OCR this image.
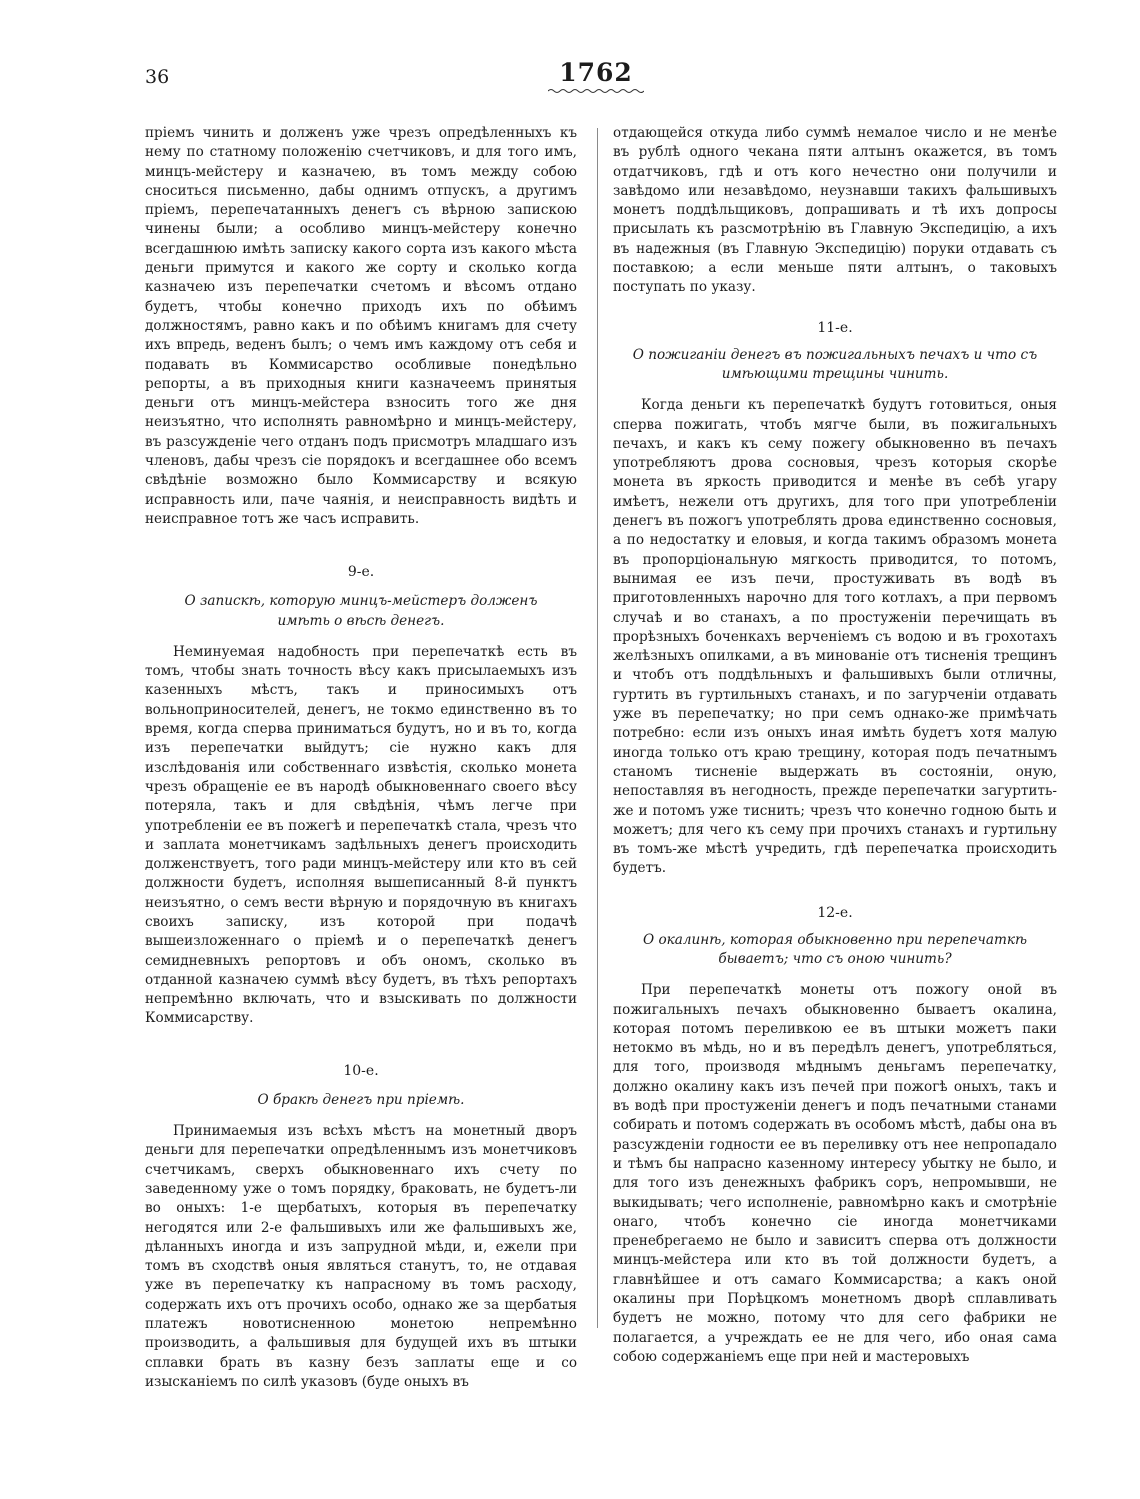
36	1762

пріемъ чинить и долженъ уже чрезъ опредѣленныхъ къ нему по статному положенію счетчиковъ, и для того имъ, минцъ-мейстеру и казначею, въ томъ между собою сноситься письменно, дабы однимъ отпускъ, а другимъ пріемъ, перепечатанныхъ денегъ съ вѣрною запискою чинены были; а особливо минцъ-мейстеру конечно всегдашнюю имѣть записку какого сорта изъ какого мѣста деньги примутся и какого же сорту и сколько когда казначею изъ перепечатки счетомъ и вѣсомъ отдано будетъ, чтобы конечно приходъ ихъ по обѣимъ должностямъ, равно какъ и по обѣимъ книгамъ для счету ихъ впредь, веденъ былъ; о чемъ имъ каждому отъ себя и подавать въ Коммисарство особливые понедѣльно репорты, а въ приходныя книги казначеемъ принятыя деньги отъ минцъ-мейстера взносить того же дня неизъятно, что исполнять равномѣрно и минцъ-мейстеру, въ разсужденіе чего отданъ подъ присмотръ младшаго изъ членовъ, дабы чрезъ сіе порядокъ и всегдашнее обо всемъ свѣдѣніе возможно было Коммисарству и всякую исправность или, паче чаянія, и неисправность видѣть и неисправное тотъ же часъ исправить.

9-е.

О запискѣ, которую минцъ-мейстеръ долженъ имѣть о вѣсѣ денегъ.

Неминуемая надобность при перепечаткѣ есть въ томъ, чтобы знать точность вѣсу какъ присылаемыхъ изъ казенныхъ мѣстъ, такъ и приносимыхъ отъ вольноприносителей, денегъ, не токмо единственно въ то время, когда сперва приниматься будутъ, но и въ то, когда изъ перепечатки выйдутъ; сіе нужно какъ для изслѣдованія или собственнаго извѣстія, сколько монета чрезъ обращеніе ее въ народѣ обыкновеннаго своего вѣсу потеряла, такъ и для свѣдѣнія, чѣмъ легче при употребленіи ее въ пожегѣ и перепечаткѣ стала, чрезъ что и заплата монетчикамъ задѣльныхъ денегъ происходить долженствуетъ, того ради минцъ-мейстеру или кто въ сей должности будетъ, исполняя вышеписанный 8-й пунктъ неизъятно, о семъ вести вѣрную и порядочную въ книгахъ своихъ записку, изъ которой при подачѣ вышеизложеннаго о пріемѣ и о перепечаткѣ денегъ семидневныхъ репортовъ и объ ономъ, сколько въ отданной казначею суммѣ вѣсу будетъ, въ тѣхъ репортахъ непремѣнно включать, что и взыскивать по должности Коммисарству.

10-е.

О бракѣ денегъ при пріемѣ.

Принимаемыя изъ всѣхъ мѣстъ на монетный дворъ деньги для перепечатки опредѣленнымъ изъ монетчиковъ счетчикамъ, сверхъ обыкновеннаго ихъ счету по заведенному уже о томъ порядку, браковать, не будетъ-ли во оныхъ: 1-е щербатыхъ, которыя въ перепечатку негодятся или 2-е фальшивыхъ или же фальшивыхъ же, дѣланныхъ иногда и изъ запрудной мѣди, и, ежели при томъ въ сходствѣ оныя являться станутъ, то, не отдавая уже въ перепечатку къ напрасному въ томъ расходу, содержать ихъ отъ прочихъ особо, однако же за щербатыя платежъ новотисненною монетою непремѣнно производить, а фальшивыя для будущей ихъ въ штыки сплавки брать въ казну безъ заплаты еще и со изысканіемъ по силѣ указовъ (буде оныхъ въ

отдающейся откуда либо суммѣ немалое число и не менѣе въ рублѣ одного чекана пяти алтынъ окажется, въ томъ отдатчиковъ, гдѣ и отъ кого нечестно они получили и завѣдомо или незавѣдомо, неузнавши такихъ фальшивыхъ монетъ поддѣльщиковъ, допрашивать и тѣ ихъ допросы присылать къ разсмотрѣнію въ Главную Экспедицію, а ихъ въ надежныя (въ Главную Экспедицію) поруки отдавать съ поставкою; а если меньше пяти алтынъ, о таковыхъ поступать по указу.

11-е.

О пожиганіи денегъ въ пожигальныхъ печахъ и что съ имѣющими трещины чинить.

Когда деньги къ перепечаткѣ будутъ готовиться, оныя сперва пожигать, чтобъ мягче были, въ пожигальныхъ печахъ, и какъ къ сему пожегу обыкновенно въ печахъ употребляютъ дрова сосновыя, чрезъ которыя скорѣе монета въ яркость приводится и менѣе въ себѣ угару имѣетъ, нежели отъ другихъ, для того при употребленіи денегъ въ пожогъ употреблять дрова единственно сосновыя, а по недостатку и еловыя, и когда такимъ образомъ монета въ пропорціональную мягкость приводится, то потомъ, вынимая ее изъ печи, простуживать въ водѣ въ приготовленныхъ нарочно для того котлахъ, а при первомъ случаѣ и во станахъ, а по простуженіи перечищать въ прорѣзныхъ боченкахъ верченіемъ съ водою и въ грохотахъ желѣзныхъ опилками, а въ минованіе отъ тисненія трещинъ и чтобъ отъ поддѣльныхъ и фальшивыхъ были отличны, гуртить въ гуртильныхъ станахъ, и по загурченіи отдавать уже въ перепечатку; но при семъ однако-же примѣчать потребно: если изъ оныхъ иная имѣть будетъ хотя малую иногда только отъ краю трещину, которая подъ печатнымъ станомъ тисненіе выдержать въ состояніи, оную, непоставляя въ негодность, прежде перепечатки загуртить-же и потомъ уже тиснить; чрезъ что конечно годною быть и можетъ; для чего къ сему при прочихъ станахъ и гуртильну въ томъ-же мѣстѣ учредить, гдѣ перепечатка происходить будетъ.

12-е.

О окалинѣ, которая обыкновенно при перепечаткѣ бываетъ; что съ оною чинить?

При перепечаткѣ монеты отъ пожогу оной въ пожигальныхъ печахъ обыкновенно бываетъ окалина, которая потомъ переливкою ее въ штыки можетъ паки нетокмо въ мѣдь, но и въ передѣлъ денегъ, употребляться, для того, производя мѣднымъ деньгамъ перепечатку, должно окалину какъ изъ печей при пожогѣ оныхъ, такъ и въ водѣ при простуженіи денегъ и подъ печатными станами собирать и потомъ содержать въ особомъ мѣстѣ, дабы она въ разсужденіи годности ее въ переливку отъ нее непропадало и тѣмъ бы напрасно казенному интересу убытку не было, и для того изъ денежныхъ фабрикъ соръ, непромывши, не выкидывать; чего исполненіе, равномѣрно какъ и смотрѣніе онаго, чтобъ конечно сіе иногда монетчиками пренебрегаемо не было и зависитъ сперва отъ должности минцъ-мейстера или кто въ той должности будетъ, а главнѣйшее и отъ самаго Коммисарства; а какъ оной окалины при Порѣцкомъ монетномъ дворѣ сплавливать будетъ не можно, потому что для сего фабрики не полагается, а учреждать ее не для чего, ибо оная сама собою содержаніемъ еще при ней и мастеровыхъ
